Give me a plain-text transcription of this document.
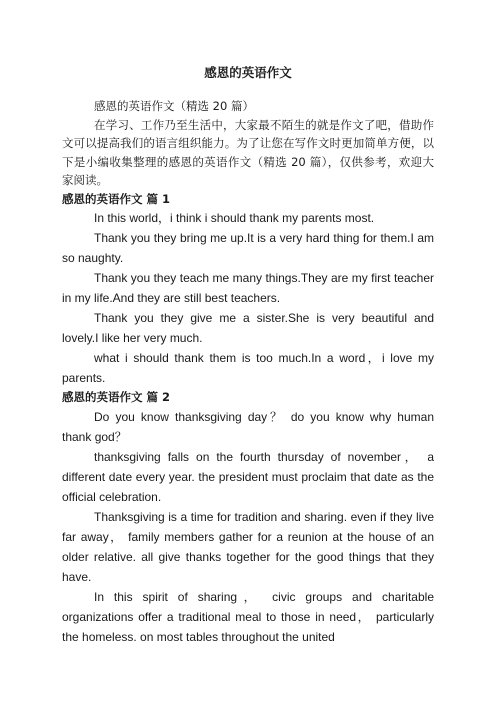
感恩的英语作文

感恩的英语作文（精选 20 篇）

在学习、工作乃至生活中，大家最不陌生的就是作文了吧，借助作文可以提高我们的语言组织能力。为了让您在写作文时更加简单方便，以下是小编收集整理的感恩的英语作文（精选 20 篇），仅供参考，欢迎大家阅读。

感恩的英语作文 篇 1

In this world，i think i should thank my parents most.

Thank you they bring me up.It is a very hard thing for them.I am so naughty.

Thank you they teach me many things.They are my first teacher in my life.And they are still best teachers.

Thank you they give me a sister.She is very beautiful and lovely.I like her very much.

what i should thank them is too much.In a word，i love my parents.

感恩的英语作文 篇 2

Do you know thanksgiving day？ do you know why human thank god？

thanksgiving falls on the fourth thursday of november， a different date every year. the president must proclaim that date as the official celebration.

Thanksgiving is a time for tradition and sharing. even if they live far away， family members gather for a reunion at the house of an older relative. all give thanks together for the good things that they have.

In this spirit of sharing， civic groups and charitable organizations offer a traditional meal to those in need， particularly the homeless. on most tables throughout the united
